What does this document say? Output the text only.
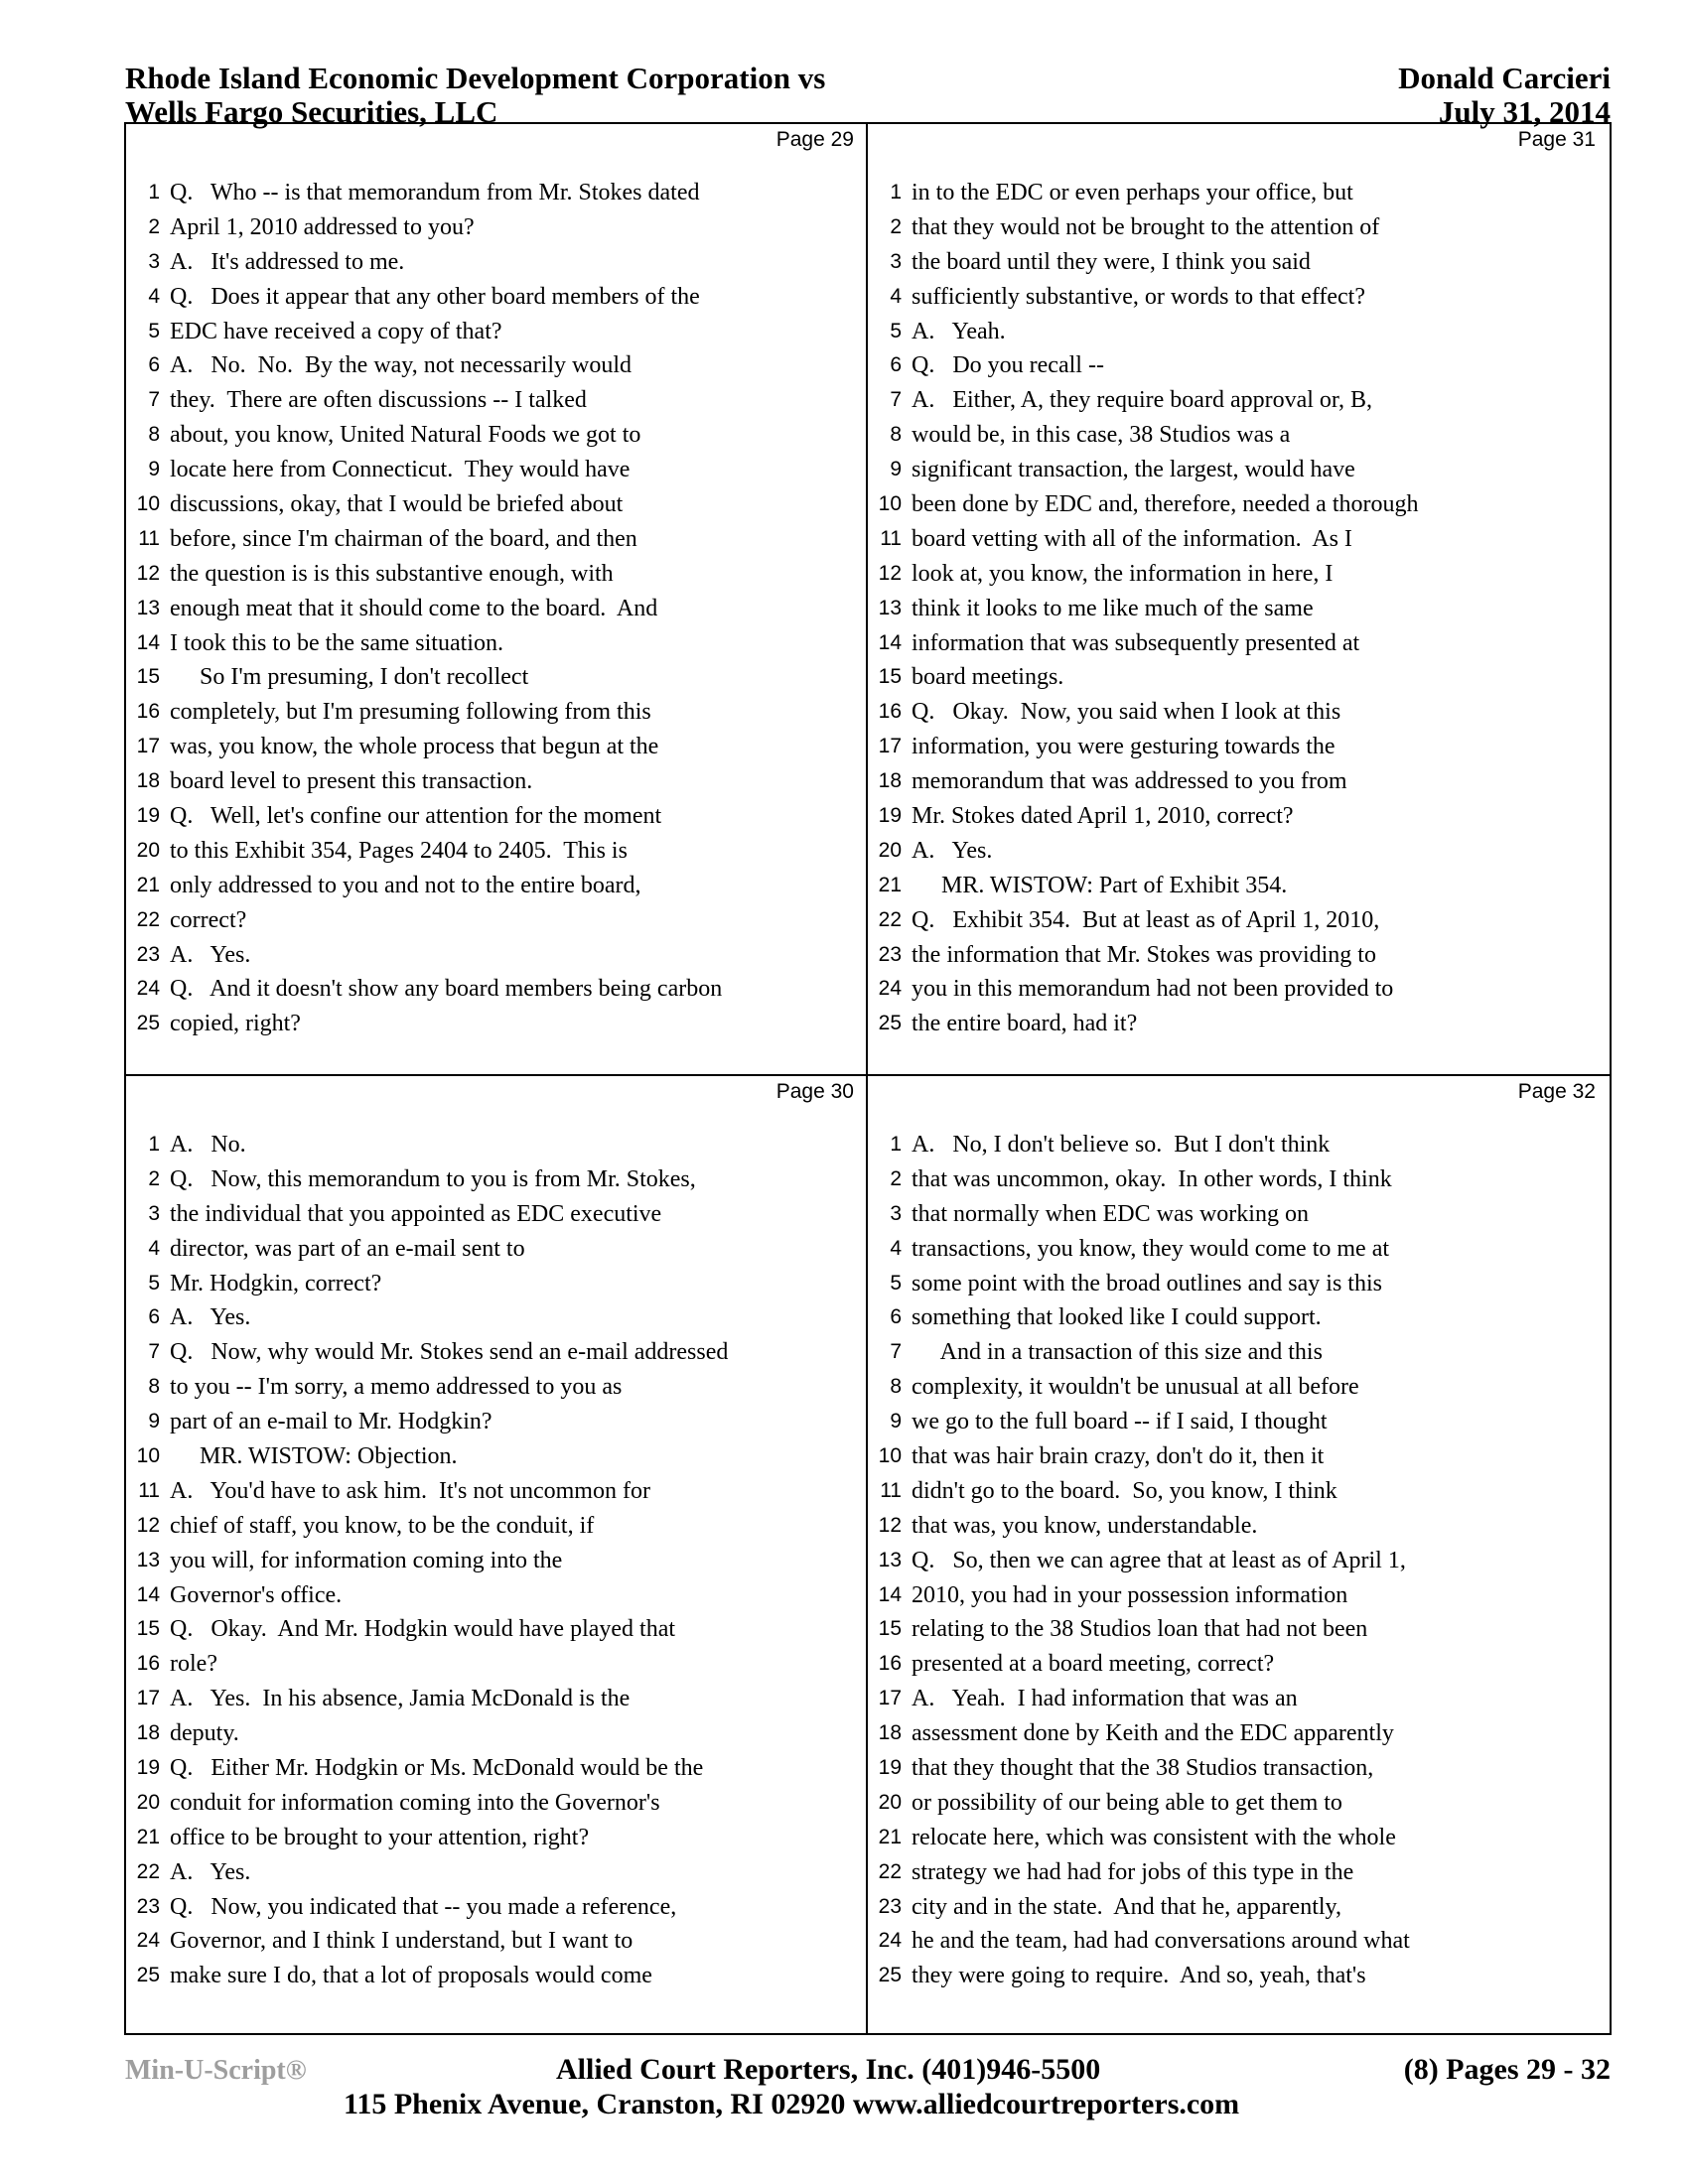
Rhode Island Economic Development Corporation vs
Wells Fargo Securities, LLC
Donald Carcieri
July 31, 2014
Page 29
1 Q.   Who -- is that memorandum from Mr. Stokes dated
2 April 1, 2010 addressed to you?
3 A.   It's addressed to me.
4 Q.   Does it appear that any other board members of the
5 EDC have received a copy of that?
6 A.   No.  No.  By the way, not necessarily would
7 they.  There are often discussions -- I talked
8 about, you know, United Natural Foods we got to
9 locate here from Connecticut.  They would have
10 discussions, okay, that I would be briefed about
11 before, since I'm chairman of the board, and then
12 the question is is this substantive enough, with
13 enough meat that it should come to the board.  And
14 I took this to be the same situation.
15 So I'm presuming, I don't recollect
16 completely, but I'm presuming following from this
17 was, you know, the whole process that begun at the
18 board level to present this transaction.
19 Q.   Well, let's confine our attention for the moment
20 to this Exhibit 354, Pages 2404 to 2405.  This is
21 only addressed to you and not to the entire board,
22 correct?
23 A.   Yes.
24 Q.   And it doesn't show any board members being carbon
25 copied, right?
Page 31
1 in to the EDC or even perhaps your office, but
2 that they would not be brought to the attention of
3 the board until they were, I think you said
4 sufficiently substantive, or words to that effect?
5 A.   Yeah.
6 Q.   Do you recall --
7 A.   Either, A, they require board approval or, B,
8 would be, in this case, 38 Studios was a
9 significant transaction, the largest, would have
10 been done by EDC and, therefore, needed a thorough
11 board vetting with all of the information.  As I
12 look at, you know, the information in here, I
13 think it looks to me like much of the same
14 information that was subsequently presented at
15 board meetings.
16 Q.   Okay.  Now, you said when I look at this
17 information, you were gesturing towards the
18 memorandum that was addressed to you from
19 Mr. Stokes dated April 1, 2010, correct?
20 A.   Yes.
21 MR. WISTOW: Part of Exhibit 354.
22 Q.   Exhibit 354.  But at least as of April 1, 2010,
23 the information that Mr. Stokes was providing to
24 you in this memorandum had not been provided to
25 the entire board, had it?
Page 30
1 A.   No.
2 Q.   Now, this memorandum to you is from Mr. Stokes,
3 the individual that you appointed as EDC executive
4 director, was part of an e-mail sent to
5 Mr. Hodgkin, correct?
6 A.   Yes.
7 Q.   Now, why would Mr. Stokes send an e-mail addressed
8 to you -- I'm sorry, a memo addressed to you as
9 part of an e-mail to Mr. Hodgkin?
10 MR. WISTOW: Objection.
11 A.   You'd have to ask him.  It's not uncommon for
12 chief of staff, you know, to be the conduit, if
13 you will, for information coming into the
14 Governor's office.
15 Q.   Okay.  And Mr. Hodgkin would have played that
16 role?
17 A.   Yes.  In his absence, Jamia McDonald is the
18 deputy.
19 Q.   Either Mr. Hodgkin or Ms. McDonald would be the
20 conduit for information coming into the Governor's
21 office to be brought to your attention, right?
22 A.   Yes.
23 Q.   Now, you indicated that -- you made a reference,
24 Governor, and I think I understand, but I want to
25 make sure I do, that a lot of proposals would come
Page 32
1 A.   No, I don't believe so.  But I don't think
2 that was uncommon, okay.  In other words, I think
3 that normally when EDC was working on
4 transactions, you know, they would come to me at
5 some point with the broad outlines and say is this
6 something that looked like I could support.
7 And in a transaction of this size and this
8 complexity, it wouldn't be unusual at all before
9 we go to the full board -- if I said, I thought
10 that was hair brain crazy, don't do it, then it
11 didn't go to the board.  So, you know, I think
12 that was, you know, understandable.
13 Q.   So, then we can agree that at least as of April 1,
14 2010, you had in your possession information
15 relating to the 38 Studios loan that had not been
16 presented at a board meeting, correct?
17 A.   Yeah.  I had information that was an
18 assessment done by Keith and the EDC apparently
19 that they thought that the 38 Studios transaction,
20 or possibility of our being able to get them to
21 relocate here, which was consistent with the whole
22 strategy we had had for jobs of this type in the
23 city and in the state.  And that he, apparently,
24 he and the team, had had conversations around what
25 they were going to require.  And so, yeah, that's
Min-U-Script®	Allied Court Reporters, Inc. (401)946-5500	(8) Pages 29 - 32
115 Phenix Avenue, Cranston, RI 02920 www.alliedcourtreporters.com
